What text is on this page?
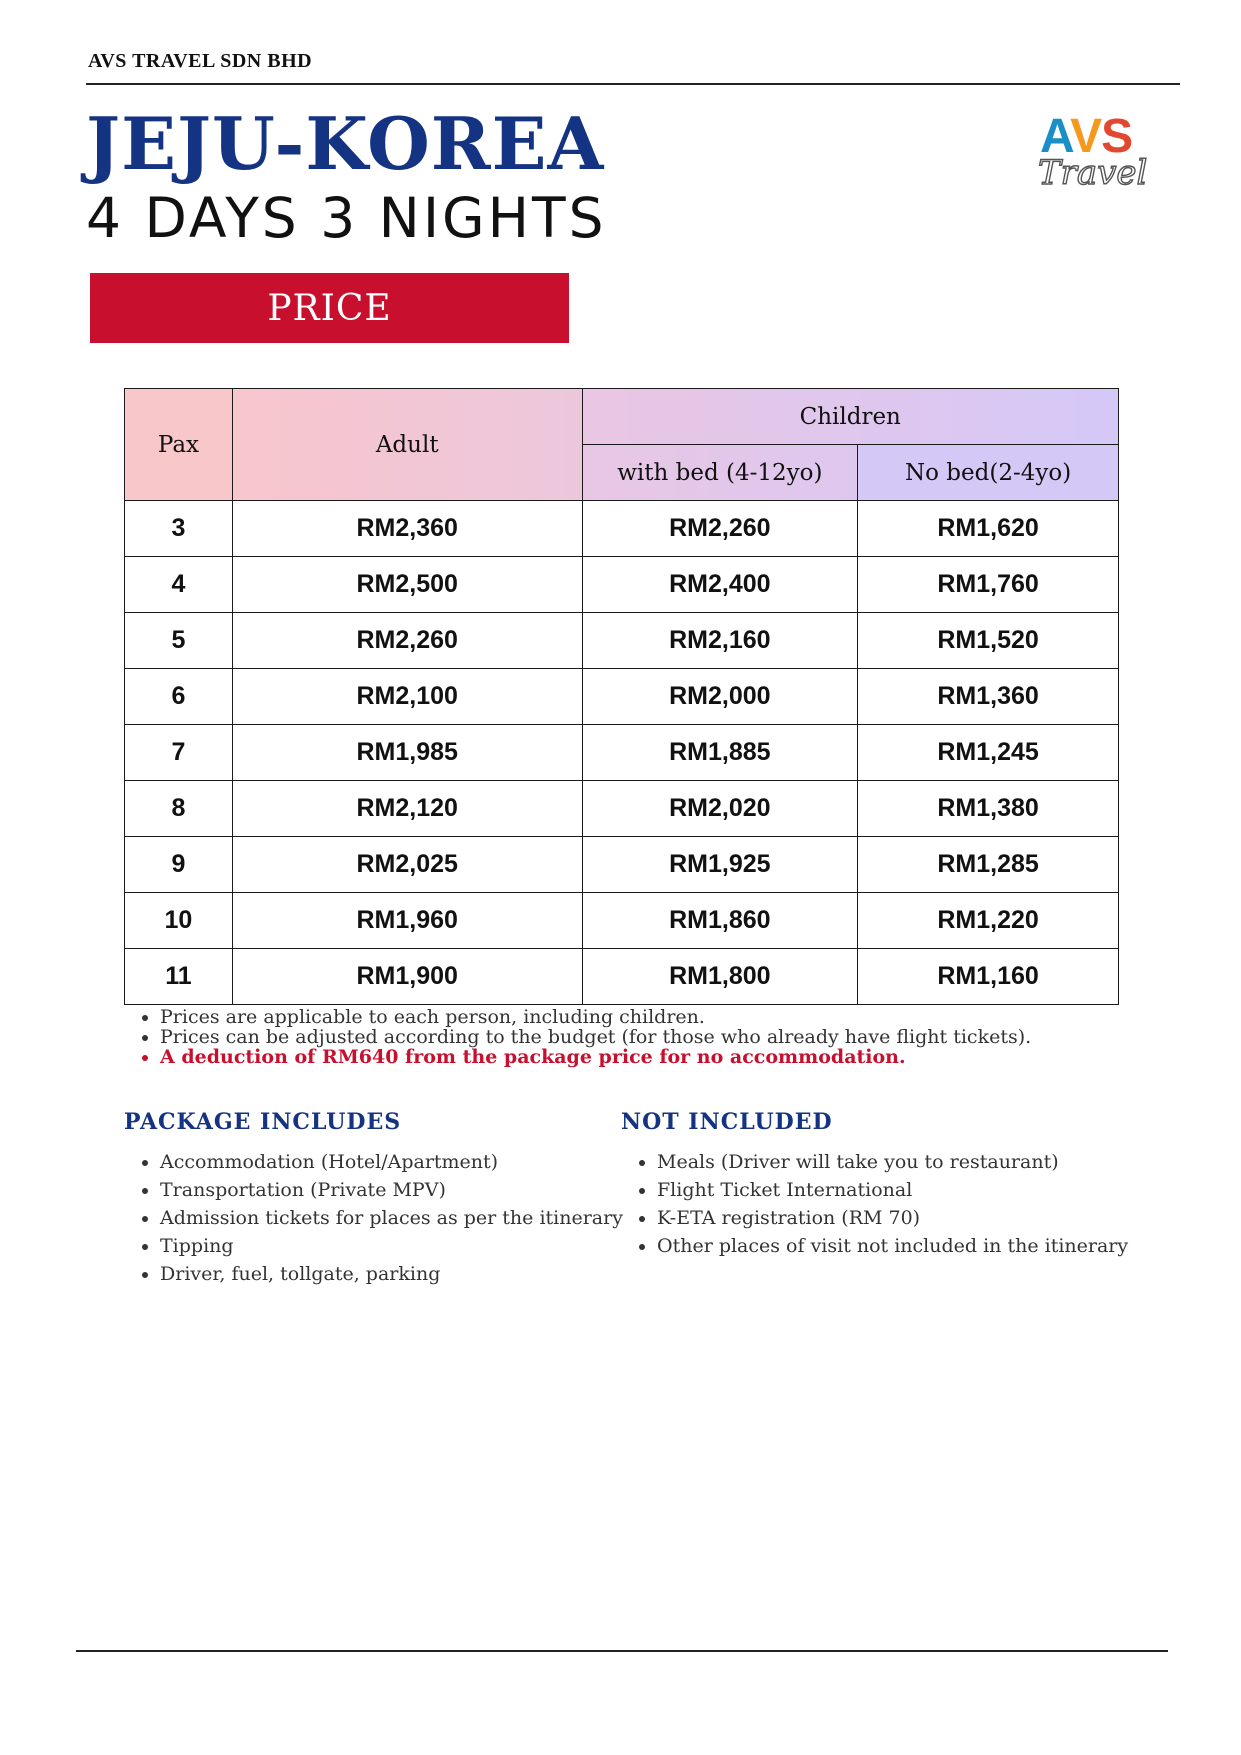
AVS TRAVEL SDN BHD
JEJU-KOREA
4 DAYS 3 NIGHTS
AVS
Travel
PRICE
Pax	Adult	Children	
		with bed (4-12yo)	No bed(2-4yo)
3	RM2,360	RM2,260	RM1,620
4	RM2,500	RM2,400	RM1,760
5	RM2,260	RM2,160	RM1,520
6	RM2,100	RM2,000	RM1,360
7	RM1,985	RM1,885	RM1,245
8	RM2,120	RM2,020	RM1,380
9	RM2,025	RM1,925	RM1,285
10	RM1,960	RM1,860	RM1,220
11	RM1,900	RM1,800	RM1,160
• Prices are applicable to each person, including children.
• Prices can be adjusted according to the budget (for those who already have flight tickets).
• A deduction of RM640 from the package price for no accommodation.
PACKAGE INCLUDES
• Accommodation (Hotel/Apartment)
• Transportation (Private MPV)
• Admission tickets for places as per the itinerary
• Tipping
• Driver, fuel, tollgate, parking
NOT INCLUDED
• Meals (Driver will take you to restaurant)
• Flight Ticket International
• K-ETA registration (RM 70)
• Other places of visit not included in the itinerary
